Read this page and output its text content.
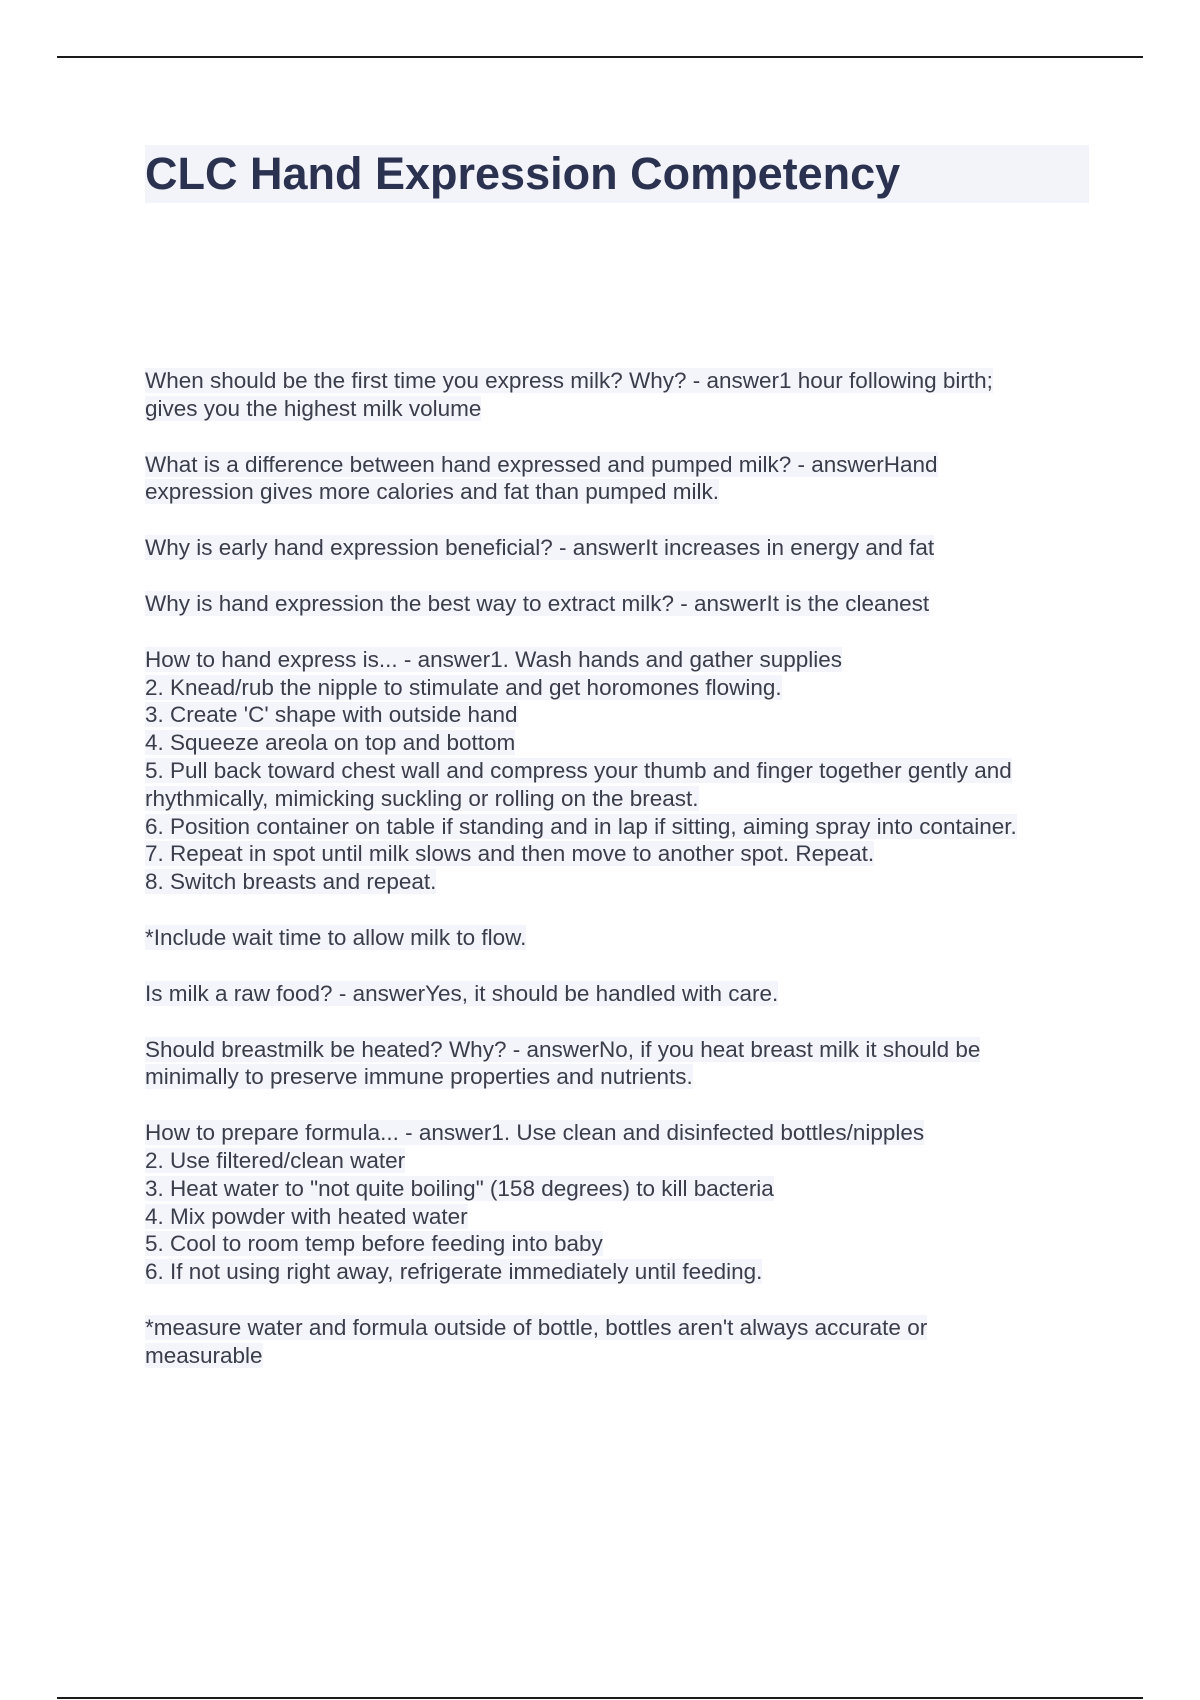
CLC Hand Expression Competency

When should be the first time you express milk? Why? - answer1 hour following birth;
gives you the highest milk volume

What is a difference between hand expressed and pumped milk? - answerHand
expression gives more calories and fat than pumped milk.

Why is early hand expression beneficial? - answerIt increases in energy and fat

Why is hand expression the best way to extract milk? - answerIt is the cleanest

How to hand express is... - answer1. Wash hands and gather supplies
2. Knead/rub the nipple to stimulate and get horomones flowing.
3. Create 'C' shape with outside hand
4. Squeeze areola on top and bottom
5. Pull back toward chest wall and compress your thumb and finger together gently and
rhythmically, mimicking suckling or rolling on the breast.
6. Position container on table if standing and in lap if sitting, aiming spray into container.
7. Repeat in spot until milk slows and then move to another spot. Repeat.
8. Switch breasts and repeat.

*Include wait time to allow milk to flow.

Is milk a raw food? - answerYes, it should be handled with care.

Should breastmilk be heated? Why? - answerNo, if you heat breast milk it should be
minimally to preserve immune properties and nutrients.

How to prepare formula... - answer1. Use clean and disinfected bottles/nipples
2. Use filtered/clean water
3. Heat water to "not quite boiling" (158 degrees) to kill bacteria
4. Mix powder with heated water
5. Cool to room temp before feeding into baby
6. If not using right away, refrigerate immediately until feeding.

*measure water and formula outside of bottle, bottles aren't always accurate or
measurable
